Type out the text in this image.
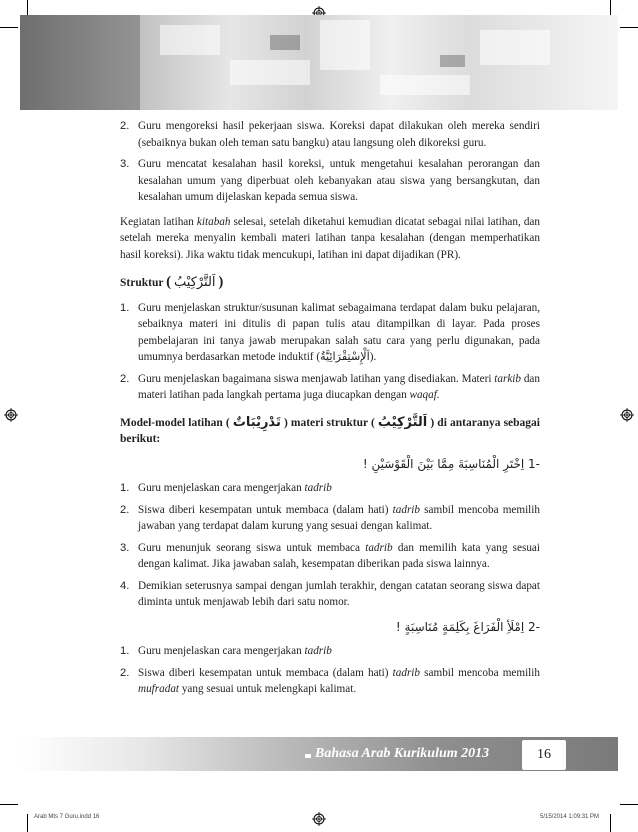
2. Guru mengoreksi hasil pekerjaan siswa. Koreksi dapat dilakukan oleh mereka sendiri (sebaiknya bukan oleh teman satu bangku) atau langsung oleh dikoreksi guru.
3. Guru mencatat kesalahan hasil koreksi, untuk mengetahui kesalahan perorangan dan kesalahan umum yang diperbuat oleh kebanyakan atau siswa yang bersangkutan, dan kesalahan umum dijelaskan kepada semua siswa.
Kegiatan latihan kitabah selesai, setelah diketahui kemudian dicatat sebagai nilai latihan, dan setelah mereka menyalin kembali materi latihan tanpa kesalahan (dengan memperhatikan hasil koreksi). Jika waktu tidak mencukupi, latihan ini dapat dijadikan (PR).
Struktur ( اَلتَّرْكِيْبُ )
1. Guru menjelaskan struktur/susunan kalimat sebagaimana terdapat dalam buku pelajaran, sebaiknya materi ini ditulis di papan tulis atau ditampilkan di layar. Pada proses pembelajaran ini tanya jawab merupakan salah satu cara yang perlu digunakan, pada umumnya berdasarkan metode induktif (اَلْإِسْتِقْرَائِيَّةُ).
2. Guru menjelaskan bagaimana siswa menjawab latihan yang disediakan. Materi tarkib dan materi latihan pada langkah pertama juga diucapkan dengan waqaf.
Model-model latihan ( تَدْرِيْبَاتٌ ) materi struktur ( اَلتَّرْكِيْبُ ) di antaranya sebagai berikut:
-1 اِخْتَرِ الْمُنَاسِبَةَ مِمَّا بَيْنَ الْقَوْسَيْنِ !
1. Guru menjelaskan cara mengerjakan tadrib
2. Siswa diberi kesempatan untuk membaca (dalam hati) tadrib sambil mencoba memilih jawaban yang terdapat dalam kurung yang sesuai dengan kalimat.
3. Guru menunjuk seorang siswa untuk membaca tadrib dan memilih kata yang sesuai dengan kalimat. Jika jawaban salah, kesempatan diberikan pada siswa lainnya.
4. Demikian seterusnya sampai dengan jumlah terakhir, dengan catatan seorang siswa dapat diminta untuk menjawab lebih dari satu nomor.
-2 اِمْلَأِ الْفَرَاغَ بِكَلِمَةٍ مُنَاسِبَةٍ !
1. Guru menjelaskan cara mengerjakan tadrib
2. Siswa diberi kesempatan untuk membaca (dalam hati) tadrib sambil mencoba memilih mufradat yang sesuai untuk melengkapi kalimat.
Bahasa Arab Kurikulum 2013	16
Arab Mts 7 Guru.indd 16	5/15/2014 1:09:31 PM
